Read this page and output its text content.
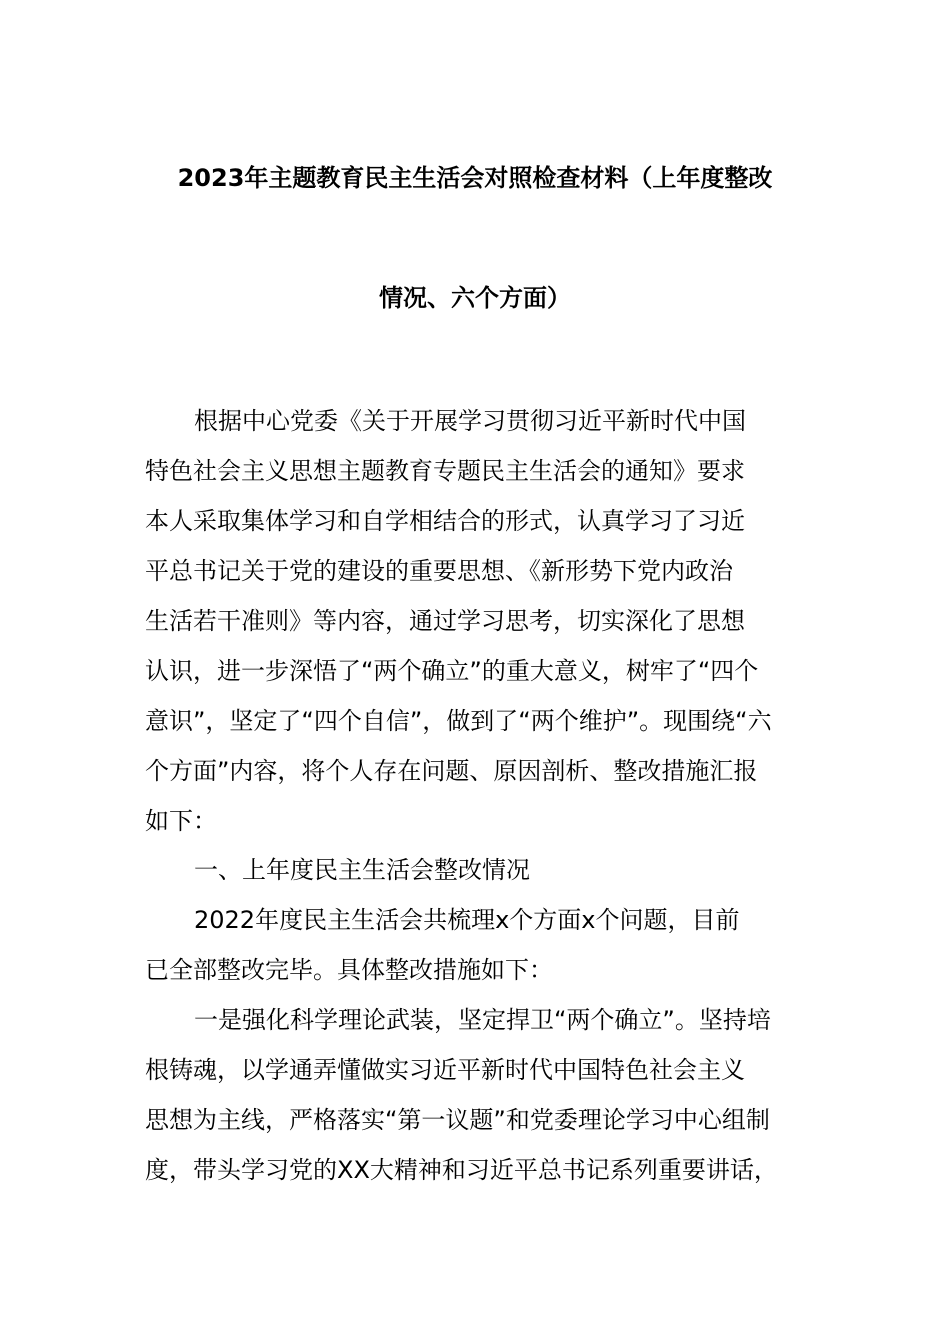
2023年主题教育民主生活会对照检查材料（上年度整改
情况、六个方面）
根据中心党委《关于开展学习贯彻习近平新时代中国
特色社会主义思想主题教育专题民主生活会的通知》要求
本人采取集体学习和自学相结合的形式，认真学习了习近
平总书记关于党的建设的重要思想、《新形势下党内政治
生活若干准则》等内容，通过学习思考，切实深化了思想
认识，进一步深悟了“两个确立”的重大意义，树牢了“四个
意识”，坚定了“四个自信”，做到了“两个维护”。现围绕“六
个方面”内容，将个人存在问题、原因剖析、整改措施汇报
如下：
一、上年度民主生活会整改情况
2022年度民主生活会共梳理x个方面x个问题，目前
已全部整改完毕。具体整改措施如下：
一是强化科学理论武装，坚定捍卫“两个确立”。坚持培
根铸魂，以学通弄懂做实习近平新时代中国特色社会主义
思想为主线，严格落实“第一议题”和党委理论学习中心组制
度，带头学习党的XX大精神和习近平总书记系列重要讲话，
